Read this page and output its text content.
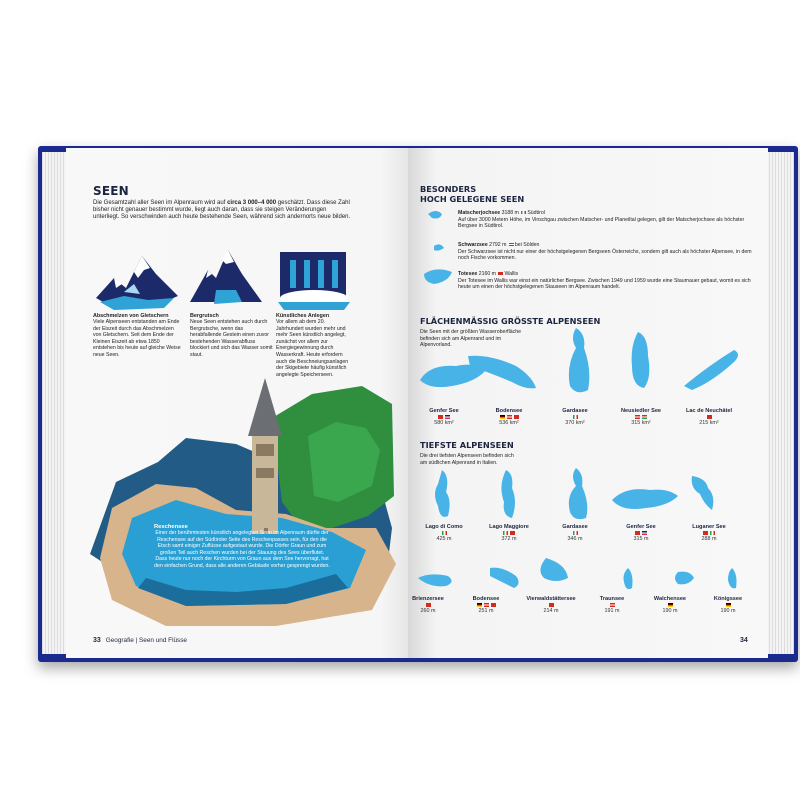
SEEN
Die Gesamtzahl aller Seen im Alpenraum wird auf circa 3 000–4 000 geschätzt. Dass diese Zahl bisher nicht genauer bestimmt wurde, liegt auch daran, dass sie steigen Veränderungen unterliegt. So verschwinden auch heute bestehende Seen, während sich andernorts neue bilden.
Abschmelzen von Gletschern
Viele Alpenseen entstanden am Ende der Eiszeit durch das Abschmelzen von Gletschern. Seit dem Ende der Kleinen Eiszeit ab etwa 1850 entstehen bis heute auf gleiche Weise neue Seen.
Bergrutsch
Neue Seen entstehen auch durch Bergrutsche, wenn das herabfallende Gestein einen zuvor bestehenden Wasserabfluss blockiert und sich das Wasser somit staut.
Künstliches Anlegen
Vor allem ab dem 20. Jahrhundert wurden mehr und mehr Seen künstlich angelegt, zunächst vor allem zur Energiegewinnung durch Wasserkraft. Heute erfordern auch die Beschneiungsanlagen der Skigebiete häufig künstlich angelegte Speicherseen.
Reschensee
Einer der berühmtesten künstlich angelegten Seen im Alpenraum dürfte der Reschensee auf der Südtiroler Seite des Reschenpasses sein, für den die Etsch samt einiger Zuflüsse aufgestaut wurde. Die Dörfer Graun und zum großen Teil auch Reschen wurden bei der Stauung des Sees überflutet. Dass heute nur noch der Kirchturm von Graun aus dem See hervorragt, hat den einfachen Grund, dass alle anderen Gebäude vorher gesprengt wurden.
33 Geografie | Seen und Flüsse
BESONDERS
HOCH GELEGENE SEEN
Matscherjochsee 3188 m Südtirol
Auf über 3000 Metern Höhe, im Vinschgau zwischen Matscher- und Planeiltal gelegen, gilt der Matscherjochsee als höchster Bergsee in Südtirol.
Schwarzsee 2792 m bei Sölden
Der Schwarzsee ist nicht nur einer der höchstgelegenen Bergseen Österreichs, sondern gilt auch als höchster Alpensee, in dem noch Fische vorkommen.
Totesee 2160 m Wallis
Der Totesee im Wallis war einst ein natürlicher Bergsee. Zwischen 1949 und 1959 wurde eine Staumauer gebaut, womit es sich heute um einen der höchstgelegenen Stauseen im Alpenraum handelt.
FLÄCHENMÄSSIG GRÖSSTE ALPENSEEN
Die Seen mit der größten Wasseroberfläche befinden sich am Alpenrand und im Alpenvorland.
Genfer See
580 km²
Bodensee
536 km²
Gardasee
370 km²
Neusiedler See
315 km²
Lac de Neuchâtel
215 km²
TIEFSTE ALPENSEEN
Die drei tiefsten Alpenseen befinden sich am südlichen Alpenrand in Italien.
Lago di Como
425 m
Lago Maggiore
372 m
Gardasee
346 m
Genfer See
315 m
Luganer See
288 m
Brienzersee
260 m
Bodensee
251 m
Vierwaldstättersee
214 m
Traunsee
191 m
Walchensee
190 m
Königssee
190 m
34
